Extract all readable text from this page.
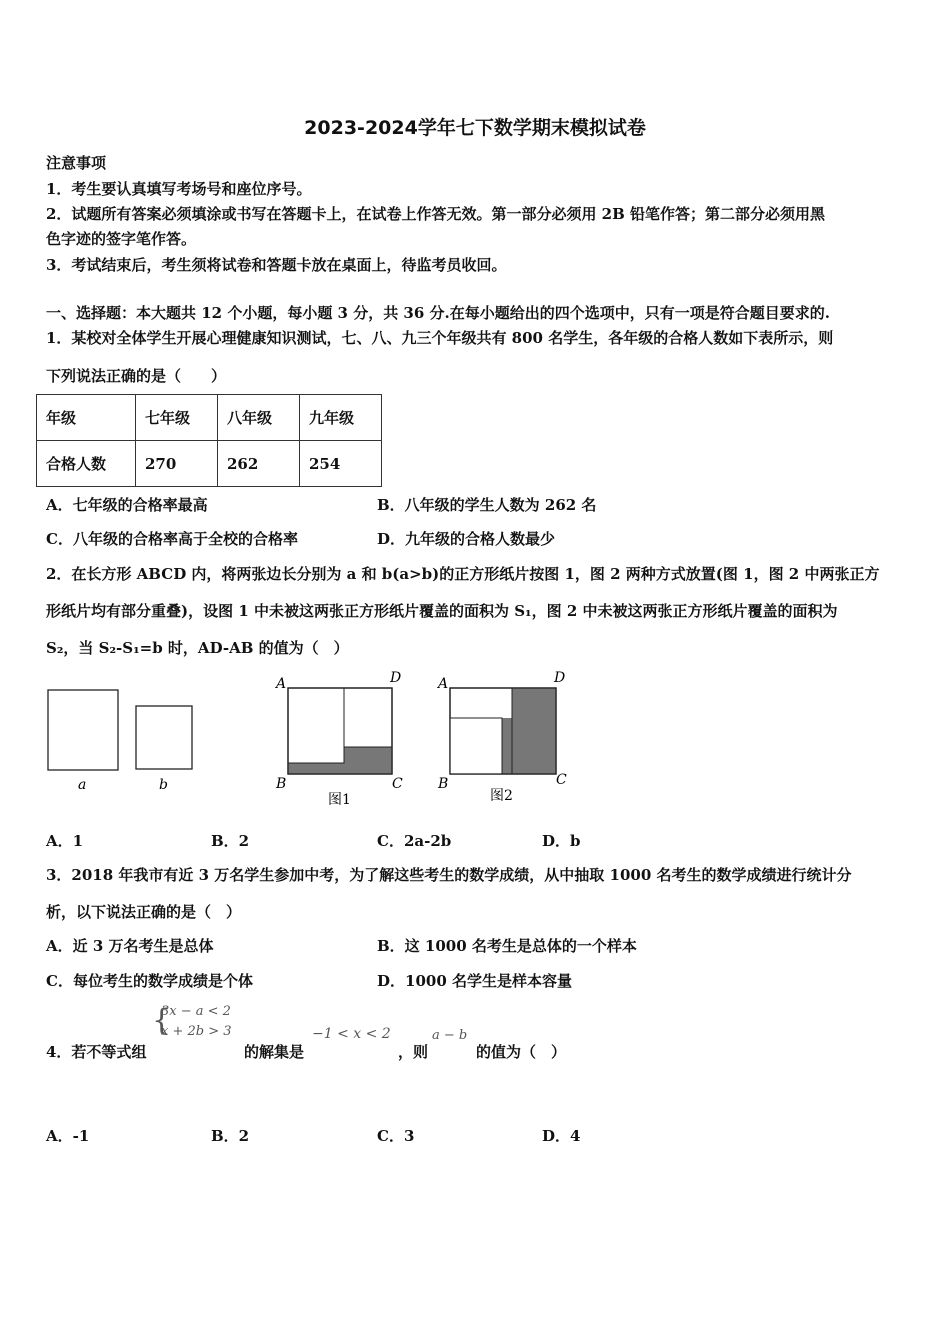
2023-2024学年七下数学期末模拟试卷
注意事项
1．考生要认真填写考场号和座位序号。
2．试题所有答案必须填涂或书写在答题卡上，在试卷上作答无效。第一部分必须用 2B 铅笔作答；第二部分必须用黑
色字迹的签字笔作答。
3．考试结束后，考生须将试卷和答题卡放在桌面上，待监考员收回。
一、选择题：本大题共 12 个小题，每小题 3 分，共 36 分.在每小题给出的四个选项中，只有一项是符合题目要求的.
1．某校对全体学生开展心理健康知识测试，七、八、九三个年级共有 800 名学生，各年级的合格人数如下表所示，则
下列说法正确的是（　　）
年级	七年级	八年级	九年级
合格人数	270	262	254
A．七年级的合格率最高	B．八年级的学生人数为 262 名
C．八年级的合格率高于全校的合格率	D．九年级的合格人数最少
2．在长方形 ABCD 内，将两张边长分别为 a 和 b(a>b)的正方形纸片按图 1，图 2 两种方式放置(图 1，图 2 中两张正方
形纸片均有部分重叠)，设图 1 中未被这两张正方形纸片覆盖的面积为 S₁，图 2 中未被这两张正方形纸片覆盖的面积为
S₂，当 S₂-S₁=b 时，AD-AB 的值为（　）
a	b
A	D
B	C
图1
A	D
B	C
图2
A．1	B．2	C．2a-2b	D．b
3．2018 年我市有近 3 万名学生参加中考，为了解这些考生的数学成绩，从中抽取 1000 名考生的数学成绩进行统计分
析，以下说法正确的是（　）
A．近 3 万名考生是总体	B．这 1000 名考生是总体的一个样本
C．每位考生的数学成绩是个体	D．1000 名学生是样本容量
4．若不等式组
{
3x − a < 2
x + 2b > 3
的解集是
−1 < x < 2
，则
a − b
的值为（　）
A．-1	B．2	C．3	D．4
